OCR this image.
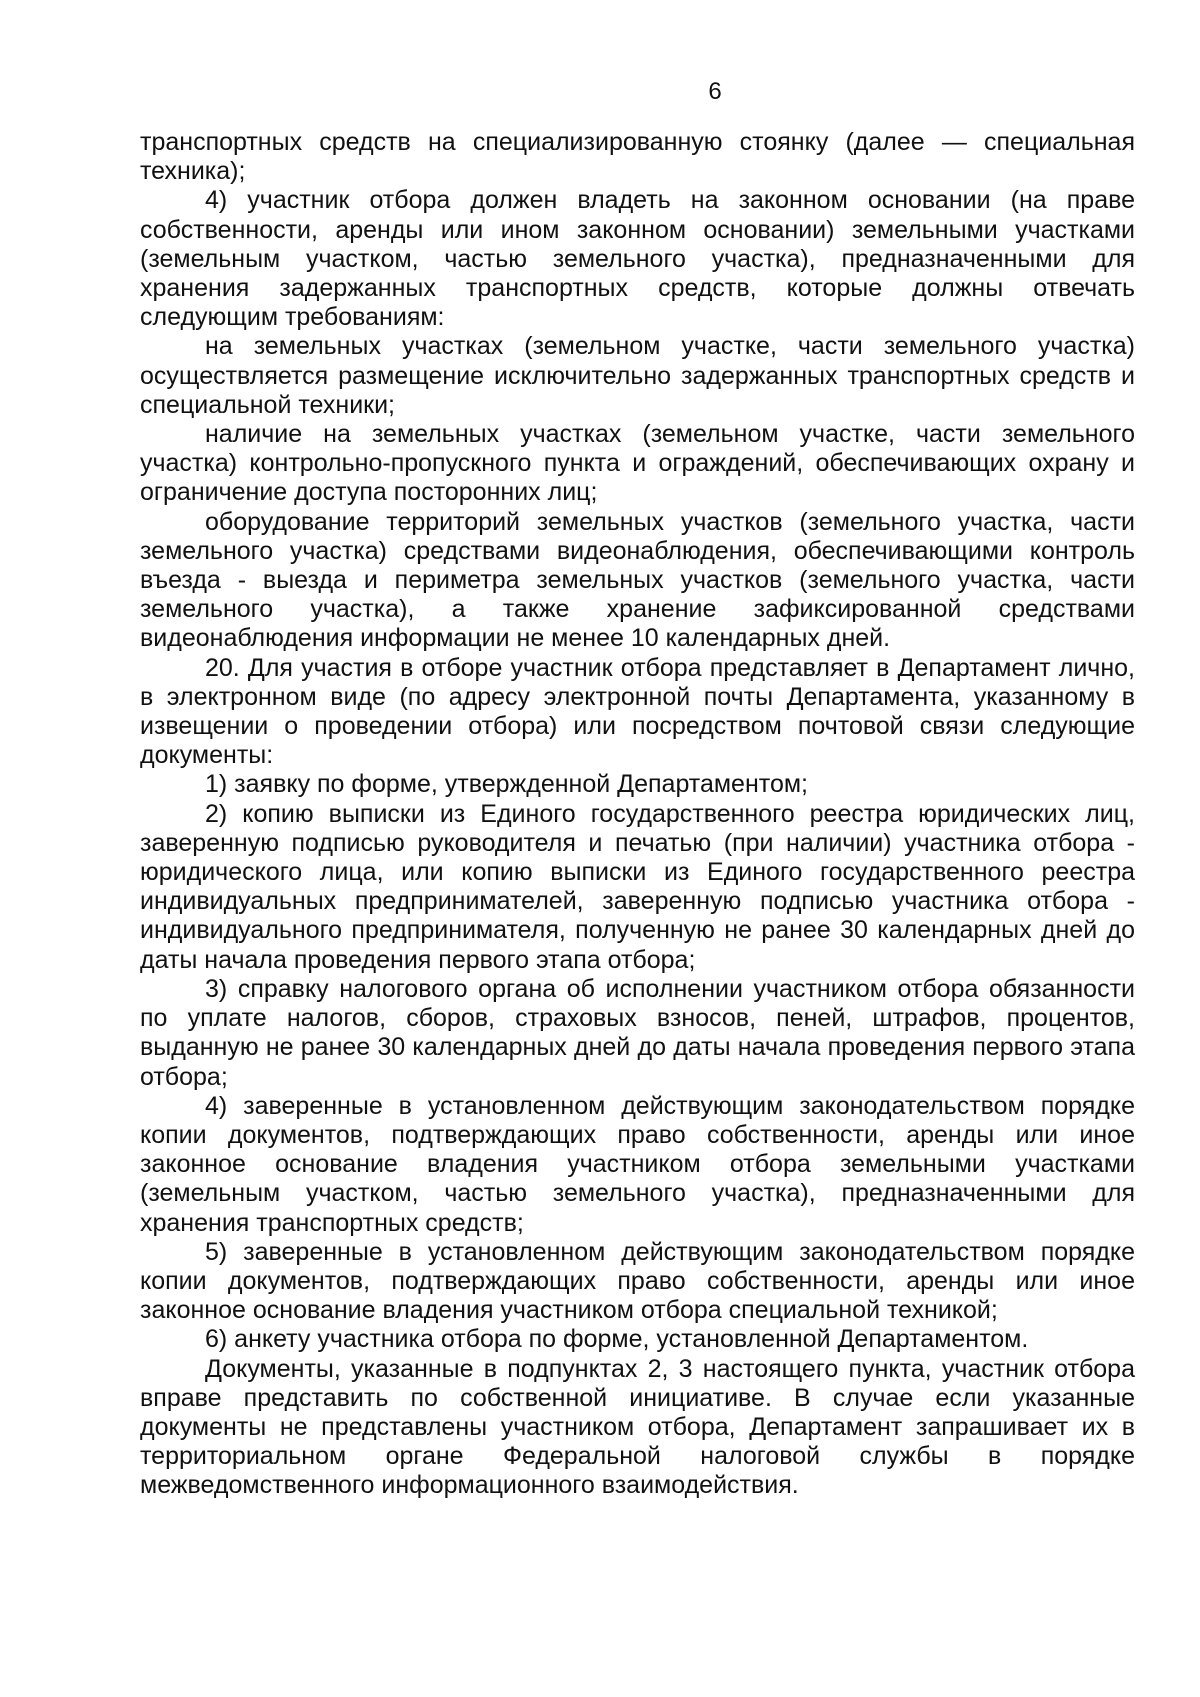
6

транспортных средств на специализированную стоянку (далее — специальная техника);

4) участник отбора должен владеть на законном основании (на праве собственности, аренды или ином законном основании) земельными участками (земельным участком, частью земельного участка), предназначенными для хранения задержанных транспортных средств, которые должны отвечать следующим требованиям:

на земельных участках (земельном участке, части земельного участка) осуществляется размещение исключительно задержанных транспортных средств и специальной техники;

наличие на земельных участках (земельном участке, части земельного участка) контрольно-пропускного пункта и ограждений, обеспечивающих охрану и ограничение доступа посторонних лиц;

оборудование территорий земельных участков (земельного участка, части земельного участка) средствами видеонаблюдения, обеспечивающими контроль въезда - выезда и периметра земельных участков (земельного участка, части земельного участка), а также хранение зафиксированной средствами видеонаблюдения информации не менее 10 календарных дней.

20. Для участия в отборе участник отбора представляет в Департамент лично, в электронном виде (по адресу электронной почты Департамента, указанному в извещении о проведении отбора) или посредством почтовой связи следующие документы:

1) заявку по форме, утвержденной Департаментом;

2) копию выписки из Единого государственного реестра юридических лиц, заверенную подписью руководителя и печатью (при наличии) участника отбора - юридического лица, или копию выписки из Единого государственного реестра индивидуальных предпринимателей, заверенную подписью участника отбора - индивидуального предпринимателя, полученную не ранее 30 календарных дней до даты начала проведения первого этапа отбора;

3) справку налогового органа об исполнении участником отбора обязанности по уплате налогов, сборов, страховых взносов, пеней, штрафов, процентов, выданную не ранее 30 календарных дней до даты начала проведения первого этапа отбора;

4) заверенные в установленном действующим законодательством порядке копии документов, подтверждающих право собственности, аренды или иное законное основание владения участником отбора земельными участками (земельным участком, частью земельного участка), предназначенными для хранения транспортных средств;

5) заверенные в установленном действующим законодательством порядке копии документов, подтверждающих право собственности, аренды или иное законное основание владения участником отбора специальной техникой;

6) анкету участника отбора по форме, установленной Департаментом.

Документы, указанные в подпунктах 2, 3 настоящего пункта, участник отбора вправе представить по собственной инициативе. В случае если указанные документы не представлены участником отбора, Департамент запрашивает их в территориальном органе Федеральной налоговой службы в порядке межведомственного информационного взаимодействия.
